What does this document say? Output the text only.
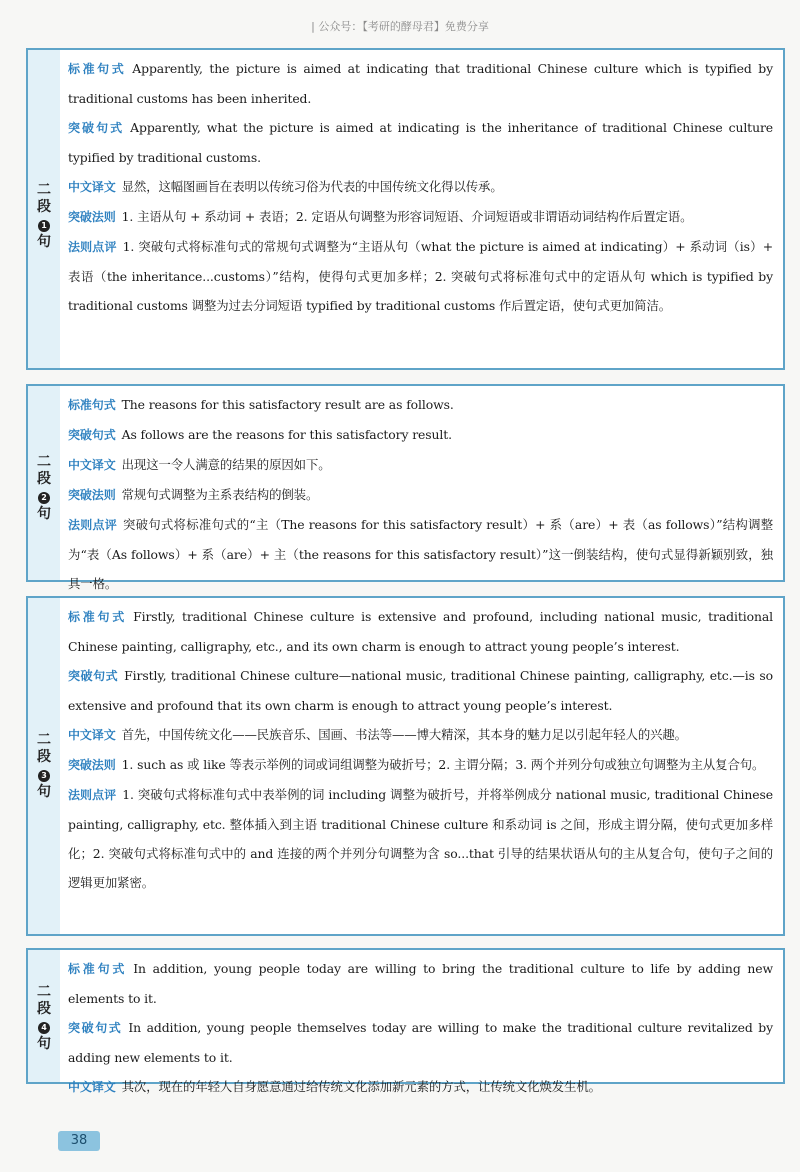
| 公众号：【考研的酵母君】免费分享
二
段
1
句
标准句式 Apparently, the picture is aimed at indicating that traditional Chinese culture which is typified by traditional customs has been inherited.
突破句式 Apparently, what the picture is aimed at indicating is the inheritance of traditional Chinese culture typified by traditional customs.
中文译文 显然，这幅图画旨在表明以传统习俗为代表的中国传统文化得以传承。
突破法则 1. 主语从句 + 系动词 + 表语；2. 定语从句调整为形容词短语、介词短语或非谓语动词结构作后置定语。
法则点评 1. 突破句式将标准句式的常规句式调整为“主语从句（what the picture is aimed at indicating）+ 系动词（is）+ 表语（the inheritance...customs）”结构，使得句式更加多样；2. 突破句式将标准句式中的定语从句 which is typified by traditional customs 调整为过去分词短语 typified by traditional customs 作后置定语，使句式更加简洁。
二
段
2
句
标准句式 The reasons for this satisfactory result are as follows.
突破句式 As follows are the reasons for this satisfactory result.
中文译文 出现这一令人满意的结果的原因如下。
突破法则 常规句式调整为主系表结构的倒装。
法则点评 突破句式将标准句式的“主（The reasons for this satisfactory result）+ 系（are）+ 表（as follows）”结构调整为“表（As follows）+ 系（are）+ 主（the reasons for this satisfactory result）”这一倒装结构，使句式显得新颖别致，独具一格。
二
段
3
句
标准句式 Firstly, traditional Chinese culture is extensive and profound, including national music, traditional Chinese painting, calligraphy, etc., and its own charm is enough to attract young people’s interest.
突破句式 Firstly, traditional Chinese culture—national music, traditional Chinese painting, calligraphy, etc.—is so extensive and profound that its own charm is enough to attract young people’s interest.
中文译文 首先，中国传统文化——民族音乐、国画、书法等——博大精深，其本身的魅力足以引起年轻人的兴趣。
突破法则 1. such as 或 like 等表示举例的词或词组调整为破折号；2. 主谓分隔；3. 两个并列分句或独立句调整为主从复合句。
法则点评 1. 突破句式将标准句式中表举例的词 including 调整为破折号，并将举例成分 national music, traditional Chinese painting, calligraphy, etc. 整体插入到主语 traditional Chinese culture 和系动词 is 之间，形成主谓分隔，使句式更加多样化；2. 突破句式将标准句式中的 and 连接的两个并列分句调整为含 so...that 引导的结果状语从句的主从复合句，使句子之间的逻辑更加紧密。
二
段
4
句
标准句式 In addition, young people today are willing to bring the traditional culture to life by adding new elements to it.
突破句式 In addition, young people themselves today are willing to make the traditional culture revitalized by adding new elements to it.
中文译文 其次，现在的年轻人自身愿意通过给传统文化添加新元素的方式，让传统文化焕发生机。
38
